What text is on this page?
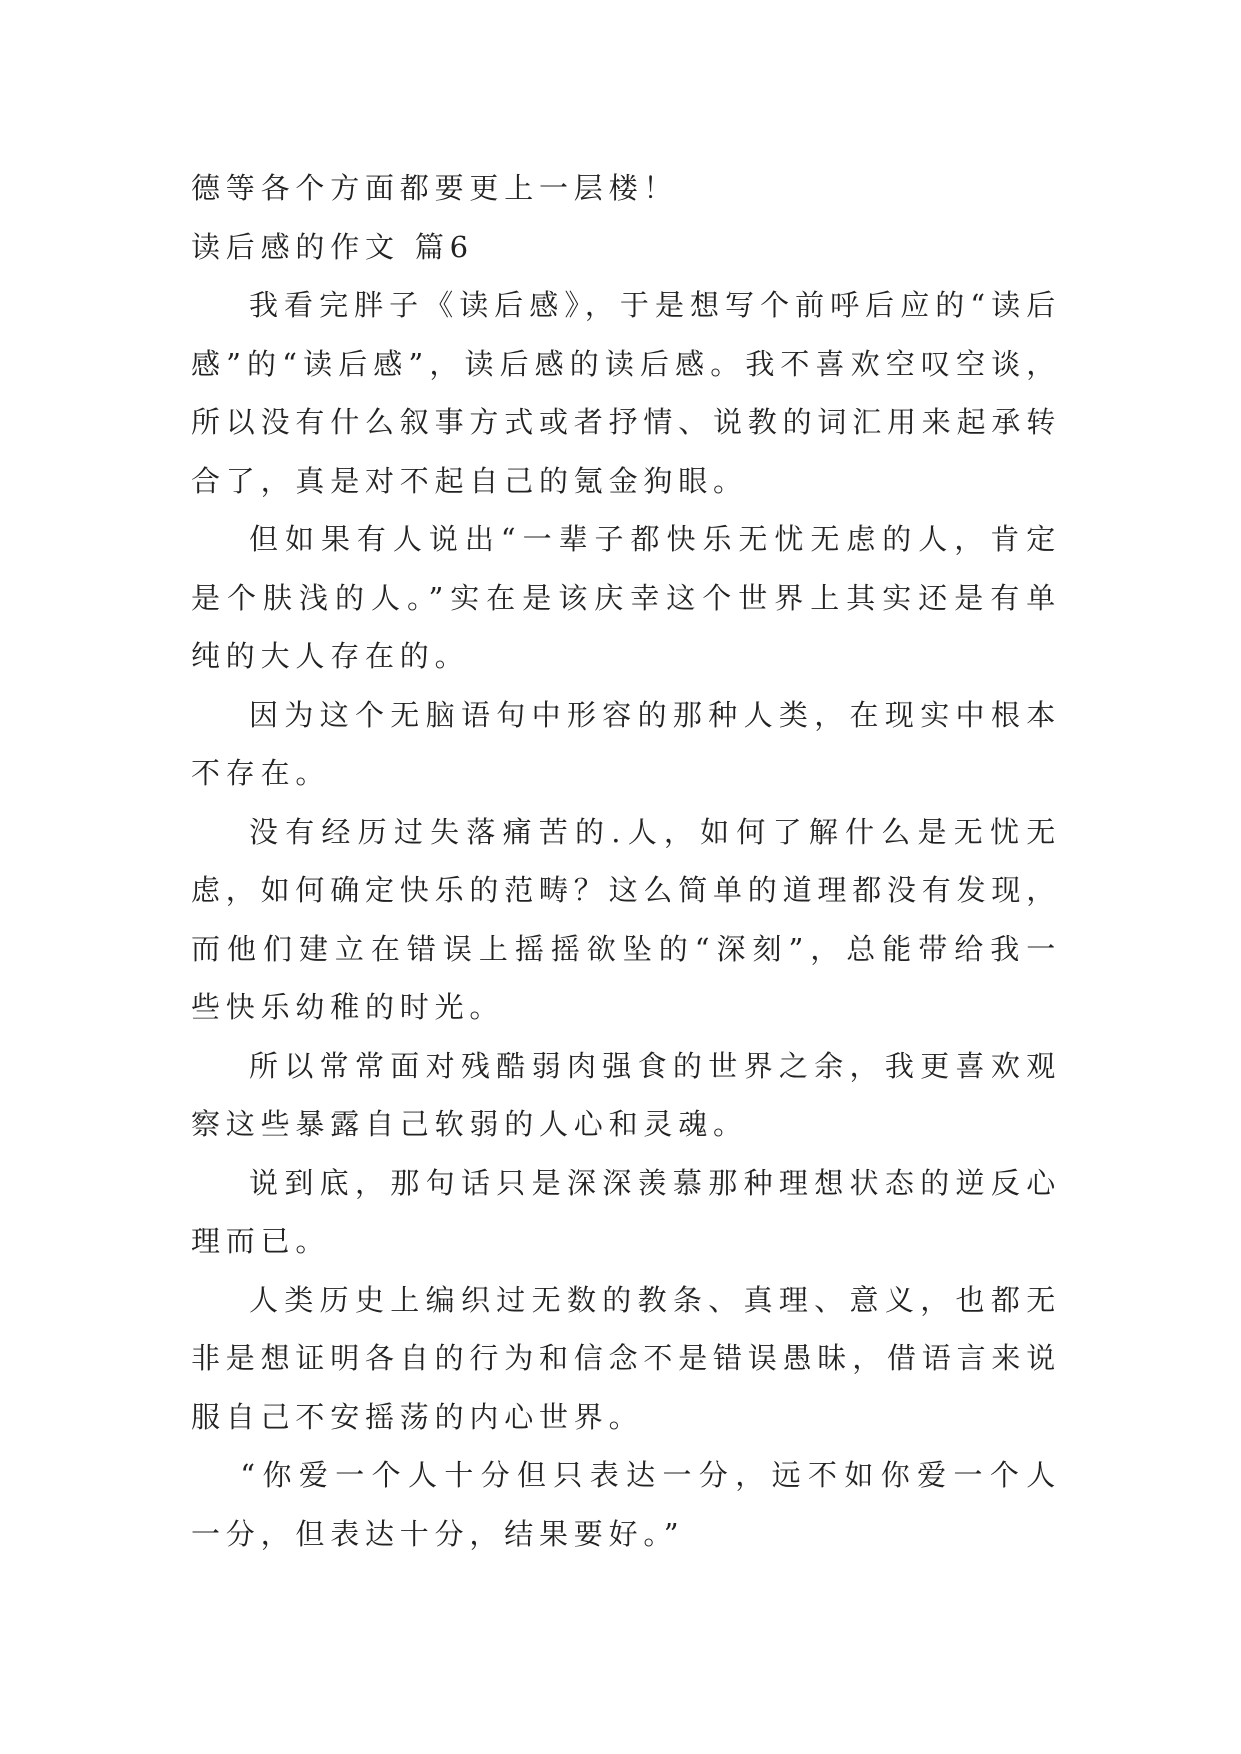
德等各个方面都要更上一层楼！

读后感的作文 篇6

我看完胖子《读后感》，于是想写个前呼后应的“读后感”的“读后感”，读后感的读后感。我不喜欢空叹空谈，所以没有什么叙事方式或者抒情、说教的词汇用来起承转合了，真是对不起自己的氪金狗眼。

但如果有人说出“一辈子都快乐无忧无虑的人，肯定是个肤浅的人。”实在是该庆幸这个世界上其实还是有单纯的大人存在的。

因为这个无脑语句中形容的那种人类，在现实中根本不存在。

没有经历过失落痛苦的.人，如何了解什么是无忧无虑，如何确定快乐的范畴？这么简单的道理都没有发现，而他们建立在错误上摇摇欲坠的“深刻”，总能带给我一些快乐幼稚的时光。

所以常常面对残酷弱肉强食的世界之余，我更喜欢观察这些暴露自己软弱的人心和灵魂。

说到底，那句话只是深深羡慕那种理想状态的逆反心理而已。

人类历史上编织过无数的教条、真理、意义，也都无非是想证明各自的行为和信念不是错误愚昧，借语言来说服自己不安摇荡的内心世界。

“你爱一个人十分但只表达一分，远不如你爱一个人一分，但表达十分，结果要好。”
